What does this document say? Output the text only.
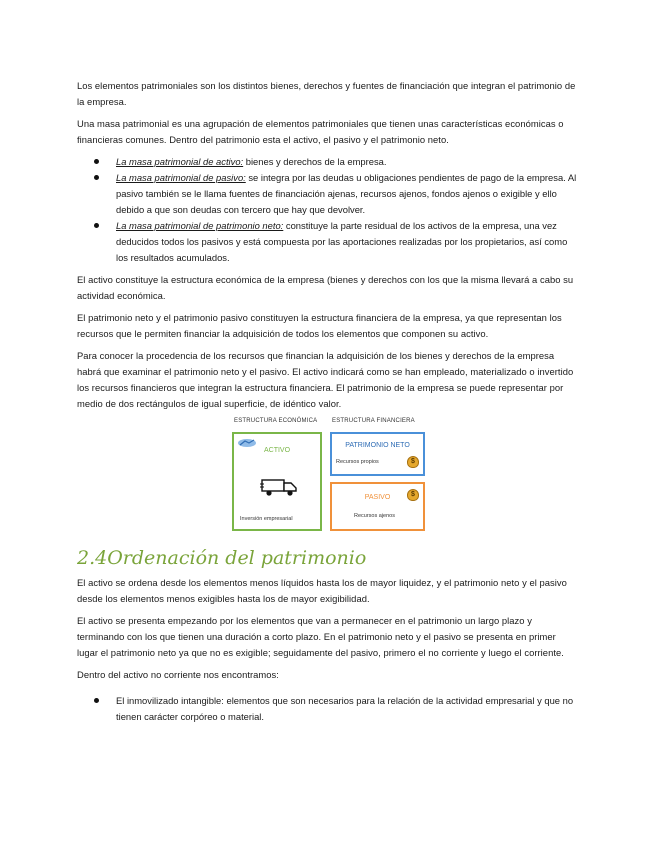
Los elementos patrimoniales son los distintos bienes, derechos y fuentes de financiación que integran el patrimonio de la empresa.

Una masa patrimonial es una agrupación de elementos patrimoniales que tienen unas características económicas o financieras comunes. Dentro del patrimonio esta el activo, el pasivo y el patrimonio neto.

La masa patrimonial de activo: bienes y derechos de la empresa.
La masa patrimonial de pasivo: se integra por las deudas u obligaciones pendientes de pago de la empresa. Al pasivo también se le llama fuentes de financiación ajenas, recursos ajenos, fondos ajenos o exigible y ello debido a que son deudas con tercero que hay que devolver.
La masa patrimonial de patrimonio neto: constituye la parte residual de los activos de la empresa, una vez deducidos todos los pasivos y está compuesta por las aportaciones realizadas por los propietarios, así como los resultados acumulados.

El activo constituye la estructura económica de la empresa (bienes y derechos con los que la misma llevará a cabo su actividad económica.

El patrimonio neto y el patrimonio pasivo constituyen la estructura financiera de la empresa, ya que representan los recursos que le permiten financiar la adquisición de todos los elementos que componen su activo.

Para conocer la procedencia de los recursos que financian la adquisición de los bienes y derechos de la empresa habrá que examinar el patrimonio neto y el pasivo. El activo indicará como se han empleado, materializado o invertido los recursos financieros que integran la estructura financiera. El patrimonio de la empresa se puede representar por medio de dos rectángulos de igual superficie, de idéntico valor.

ESTRUCTURA ECONÓMICA ESTRUCTURA FINANCIERA
ACTIVO
Inversión empresarial
PATRIMONIO NETO
Recursos propios	$
PASIVO	$
Recursos ajenos
2.4Ordenación del patrimonio

El activo se ordena desde los elementos menos líquidos hasta los de mayor liquidez, y el patrimonio neto y el pasivo desde los elementos menos exigibles hasta los de mayor exigibilidad.

El activo se presenta empezando por los elementos que van a permanecer en el patrimonio un largo plazo y terminando con los que tienen una duración a corto plazo. En el patrimonio neto y el pasivo se presenta en primer lugar el patrimonio neto ya que no es exigible; seguidamente del pasivo, primero el no corriente y luego el corriente.

Dentro del activo no corriente nos encontramos:

El inmovilizado intangible: elementos que son necesarios para la relación de la actividad empresarial y que no tienen carácter corpóreo o material.
